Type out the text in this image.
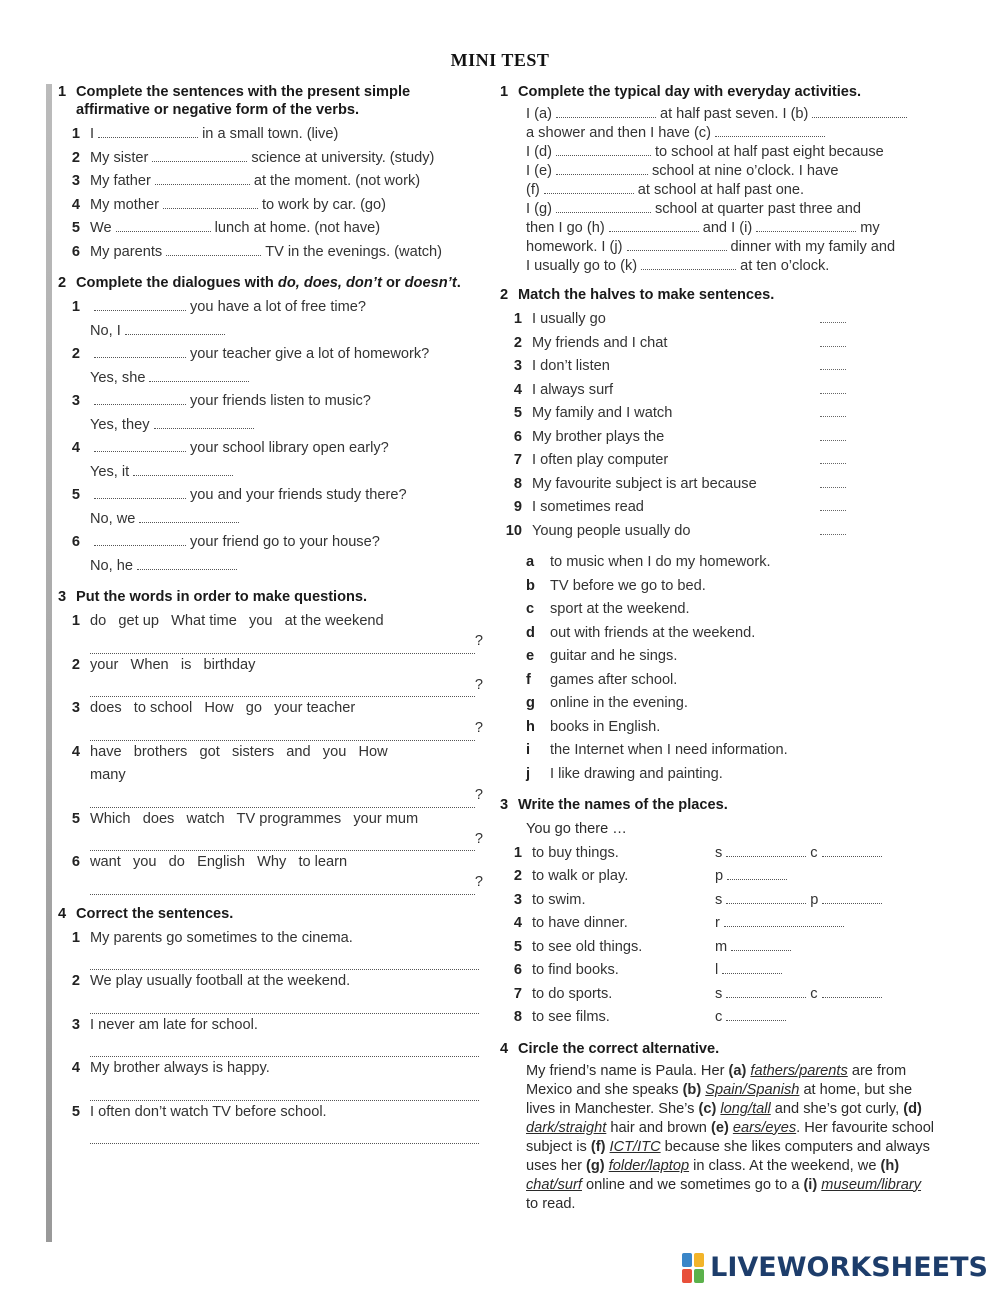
MINI TEST
1 Complete the sentences with the present simple affirmative or negative form of the verbs.
1 I	in a small town. (live)
2 My sister	science at university. (study)
3 My father	at the moment. (not work)
4 My mother	to work by car. (go)
5 We	lunch at home. (not have)
6 My parents	TV in the evenings. (watch)
2 Complete the dialogues with do, does, don’t or doesn’t.
1	you have a lot of free time?
No, I
2	your teacher give a lot of homework?
Yes, she
3	your friends listen to music?
Yes, they
4	your school library open early?
Yes, it
5	you and your friends study there?
No, we
6	your friend go to your house?
No, he
3 Put the words in order to make questions.
1 do   get up   What time   you   at the weekend
?
2 your   When   is   birthday
?
3 does   to school   How   go   your teacher
?
4 have   brothers   got   sisters   and   you   How
many
?
5 Which   does   watch   TV programmes   your mum
?
6 want   you   do   English   Why   to learn
?
4 Correct the sentences.
1 My parents go sometimes to the cinema.
2 We play usually football at the weekend.
3 I never am late for school.
4 My brother always is happy.
5 I often don’t watch TV before school.
1 Complete the typical day with everyday activities.
I (a)	at half past seven. I (b)
a shower and then I have (c)
I (d)	to school at half past eight because
I (e)	school at nine o’clock. I have
(f)	at school at half past one.
I (g)	school at quarter past three and
then I go (h)	and I (i)	my
homework. I (j)	dinner with my family and
I usually go to (k)	at ten o’clock.
2 Match the halves to make sentences.
1 I usually go
2 My friends and I chat
3 I don’t listen
4 I always surf
5 My family and I watch
6 My brother plays the
7 I often play computer
8 My favourite subject is art because
9 I sometimes read
10 Young people usually do
a	to music when I do my homework.
b	TV before we go to bed.
c	sport at the weekend.
d	out with friends at the weekend.
e	guitar and he sings.
f	games after school.
g	online in the evening.
h	books in English.
i	the Internet when I need information.
j	I like drawing and painting.
3 Write the names of the places.
You go there …
1 to buy things.	s	c
2 to walk or play.	p
3 to swim.	s	p
4 to have dinner.	r
5 to see old things.	m
6 to find books.	l
7 to do sports.	s	c
8 to see films.	c
4 Circle the correct alternative.
My friend’s name is Paula. Her (a) fathers/parents are from Mexico and she speaks (b) Spain/Spanish at home, but she lives in Manchester. She’s (c) long/tall and she’s got curly, (d) dark/straight hair and brown (e) ears/eyes. Her favourite school subject is (f) ICT/ITC because she likes computers and always uses her (g) folder/laptop in class. At the weekend, we (h) chat/surf online and we sometimes go to a (i) museum/library to read.
LIVEWORKSHEETS
